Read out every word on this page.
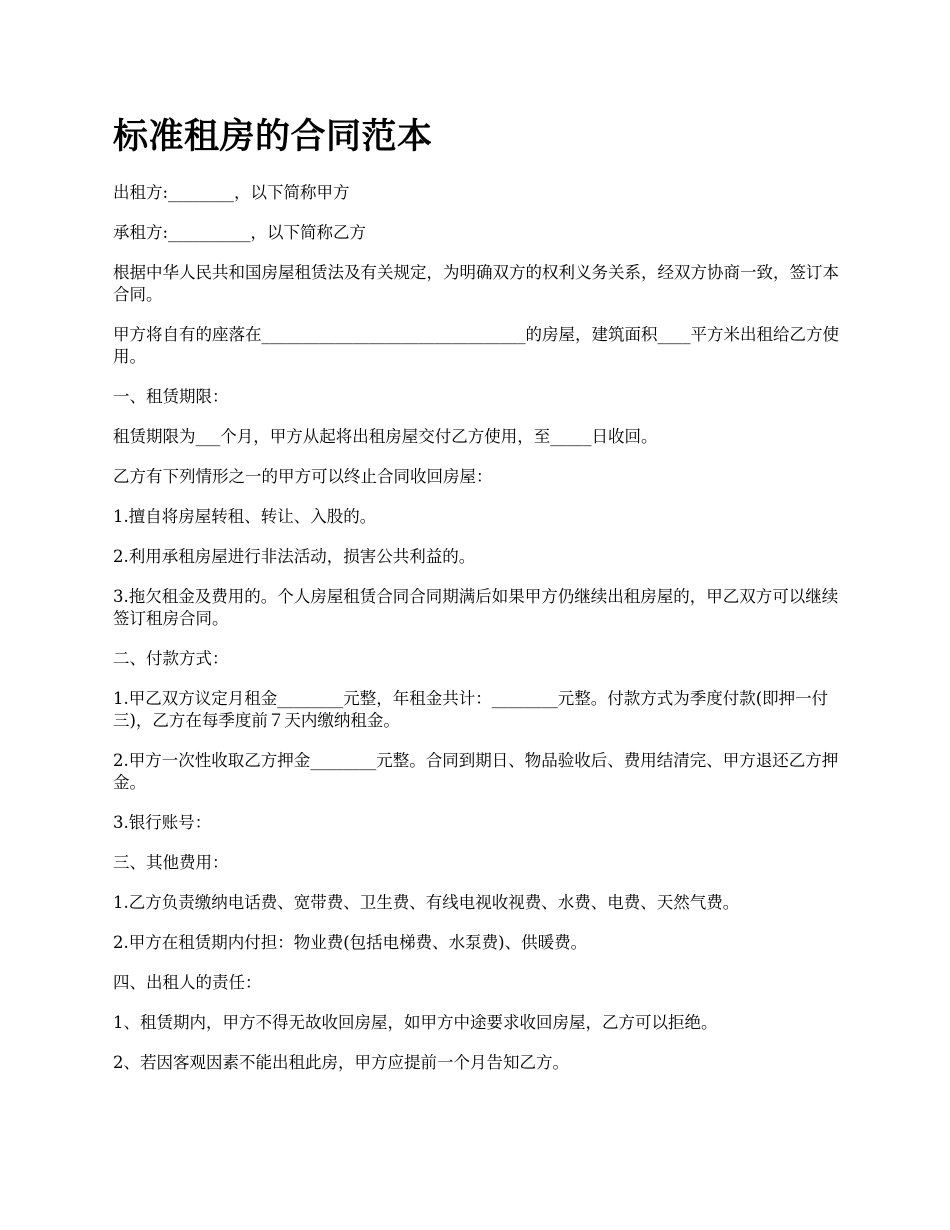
标准租房的合同范本

出租方:________，以下简称甲方

承租方:__________，以下简称乙方

根据中华人民共和国房屋租赁法及有关规定，为明确双方的权利义务关系，经双方协商一致，签订本合同。

甲方将自有的座落在________________________________的房屋，建筑面积____平方米出租给乙方使用。

一、租赁期限：

租赁期限为___个月，甲方从起将出租房屋交付乙方使用，至_____日收回。

乙方有下列情形之一的甲方可以终止合同收回房屋：

1.擅自将房屋转租、转让、入股的。

2.利用承租房屋进行非法活动，损害公共利益的。

3.拖欠租金及费用的。个人房屋租赁合同合同期满后如果甲方仍继续出租房屋的，甲乙双方可以继续签订租房合同。

二、付款方式：

1.甲乙双方议定月租金________元整，年租金共计：________元整。付款方式为季度付款(即押一付三)，乙方在每季度前７天内缴纳租金。

2.甲方一次性收取乙方押金________元整。合同到期日、物品验收后、费用结清完、甲方退还乙方押金。

3.银行账号：

三、其他费用：

1.乙方负责缴纳电话费、宽带费、卫生费、有线电视收视费、水费、电费、天然气费。

2.甲方在租赁期内付担：物业费(包括电梯费、水泵费)、供暖费。

四、出租人的责任：

1、租赁期内，甲方不得无故收回房屋，如甲方中途要求收回房屋，乙方可以拒绝。

2、若因客观因素不能出租此房，甲方应提前一个月告知乙方。
